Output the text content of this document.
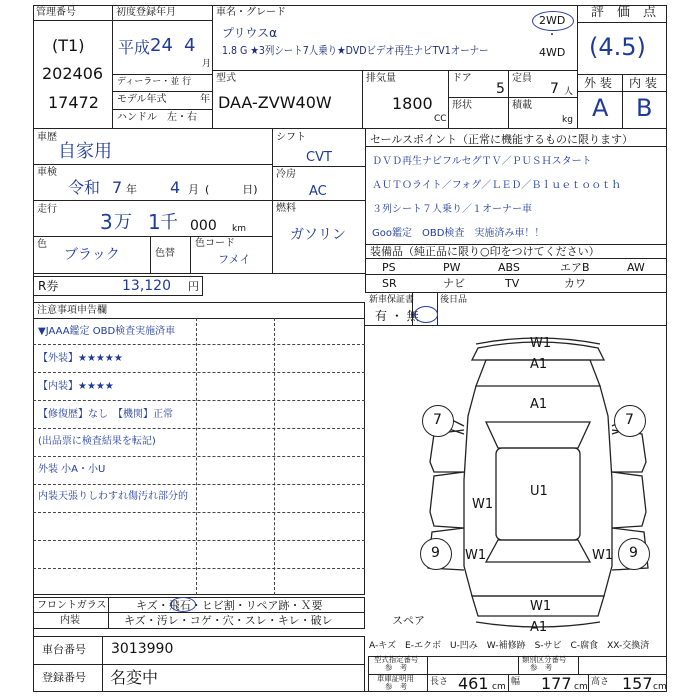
管理番号
(T1)
202406
17472
初度登録年月
平成 24 4
月
ディーラー・並 行
モデル年式	年
ハンドル　左・右
車名・グレード
プリウスα
1.8 G ★3列シート7人乗り★DVDビデオ再生ナビTV1オーナー
2WD
・
4WD
型式
DAA-ZVW40W
排気量
1800
CC
ドア
5
定員
7 人
形状	積載
kg
評　価　点
(4.5)
外 装 内 装
A B
車歴
自家用
車検
令和 7 年 4 月 (　　　日)
走行
3 万 1 千 000 km
色
ブラック	色替
色コード
フメイ
シフト
CVT
冷房
AC
燃料
ガソリン
R券	13,120 円
セールスポイント（正常に機能するものに限ります）
ＤＶＤ再生ナビフルセグＴＶ／ＰＵＳＨスタート
ＡＵＴＯライト／フォグ／ＬＥＤ／Ｂｌｕｅｔｏｏｔｈ
３列シート７人乗り／１オーナー車
Goo鑑定　OBD検査　実施済み車！！
装備品（純正品に限り○印をつけてください）
PS	PW	ABS	エアB	AW
SR	ナビ	TV	カワ
新車保証書
有 ・ 無
後日品
注意事項申告欄
▼JAAA鑑定 OBD検査実施済車
【外装】★★★★★
【内装】★★★★
【修復歴】なし　【機関】正常
(出品票に検査結果を転記)
外装 小A・小U
内装天張りしわすれ傷汚れ部分的
フロントガラス	キズ・飛石・ヒビ割・リペア跡・Ｘ要
内装	キズ・汚レ・コゲ・穴・スレ・キレ・破レ	スペア
W1
A1
A1
7	7
W1
U1
9 W1	W1 9
W1
A1
車台番号 3013990
登録番号 名変中
A-キズ　E-エクボ　U-凹み　W-補修跡　S-サビ　C-腐食　XX-交換済
型式指定番号
参　考
類別区分番号
参　考
車庫証明用
参　考
長さ 461 cm 幅 177 cm 高さ 157 cm
